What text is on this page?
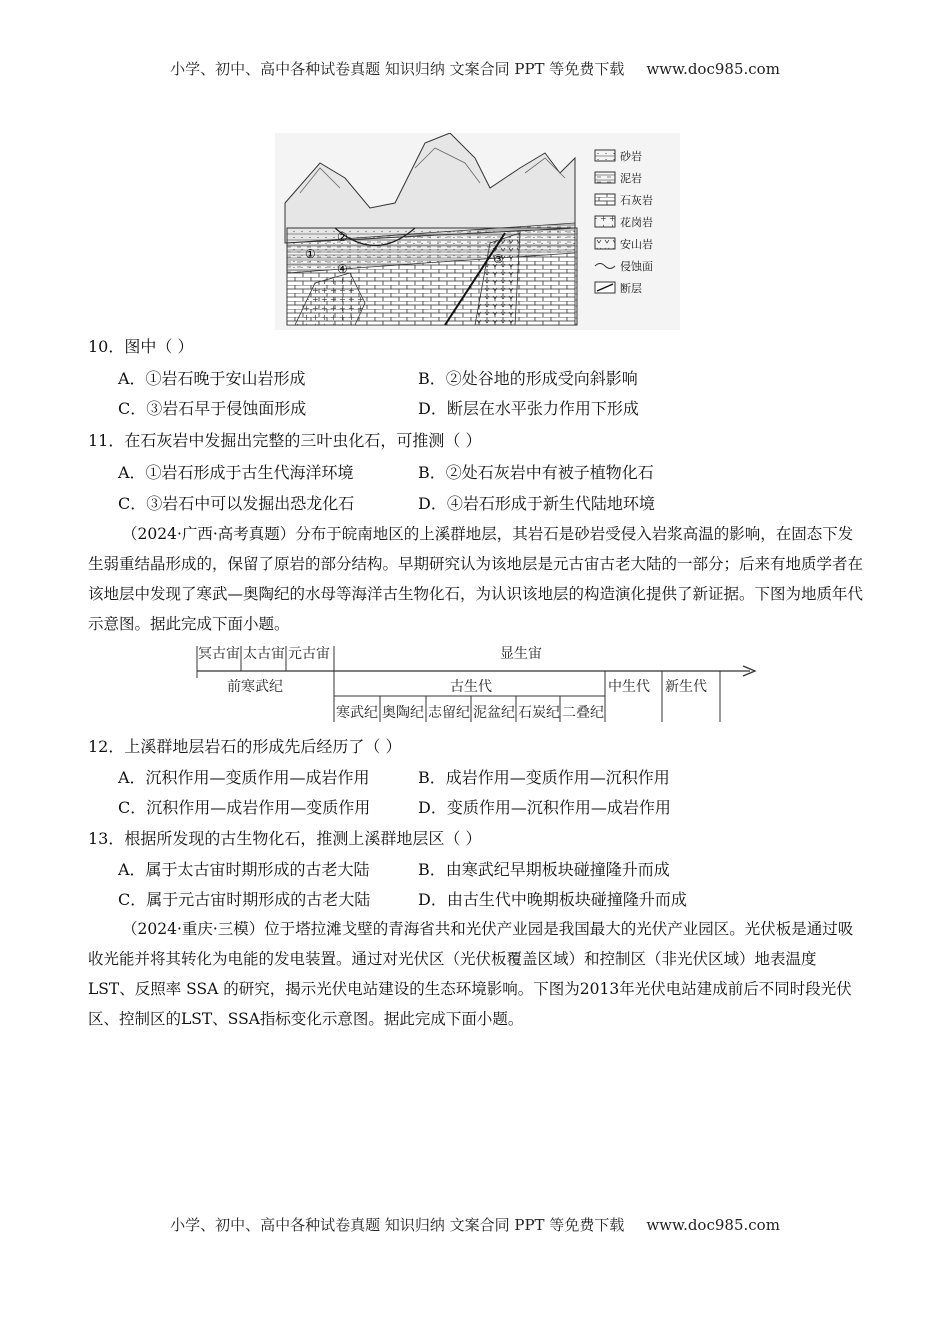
小学、初中、高中各种试卷真题 知识归纳 文案合同 PPT 等免费下载 www.doc985.com
①
②
③
④
砂岩
泥岩
石灰岩
花岗岩
安山岩
侵蚀面
断层
10．图中（ ）
A．①岩石晚于安山岩形成	B．②处谷地的形成受向斜影响
C．③岩石早于侵蚀面形成	D．断层在水平张力作用下形成
11．在石灰岩中发掘出完整的三叶虫化石，可推测（ ）
A．①岩石形成于古生代海洋环境	B．②处石灰岩中有被子植物化石
C．③岩石中可以发掘出恐龙化石	D．④岩石形成于新生代陆地环境
（2024·广西·高考真题）分布于皖南地区的上溪群地层，其岩石是砂岩受侵入岩浆高温的影响，在固态下发生弱重结晶形成的，保留了原岩的部分结构。早期研究认为该地层是元古宙古老大陆的一部分；后来有地质学者在该地层中发现了寒武—奥陶纪的水母等海洋古生物化石，为认识该地层的构造演化提供了新证据。下图为地质年代示意图。据此完成下面小题。
冥古宙 太古宙 元古宙	显生宙
前寒武纪	古生代	中生代 新生代
寒武纪 奥陶纪 志留纪 泥盆纪 石炭纪 二叠纪
12．上溪群地层岩石的形成先后经历了（ ）
A．沉积作用—变质作用—成岩作用	B．成岩作用—变质作用—沉积作用
C．沉积作用—成岩作用—变质作用	D．变质作用—沉积作用—成岩作用
13．根据所发现的古生物化石，推测上溪群地层区（ ）
A．属于太古宙时期形成的古老大陆	B．由寒武纪早期板块碰撞隆升而成
C．属于元古宙时期形成的古老大陆	D．由古生代中晚期板块碰撞隆升而成
（2024·重庆·三模）位于塔拉滩戈壁的青海省共和光伏产业园是我国最大的光伏产业园区。光伏板是通过吸收光能并将其转化为电能的发电装置。通过对光伏区（光伏板覆盖区域）和控制区（非光伏区域）地表温度 LST、反照率 SSA 的研究，揭示光伏电站建设的生态环境影响。下图为2013年光伏电站建成前后不同时段光伏区、控制区的LST、SSA指标变化示意图。据此完成下面小题。
小学、初中、高中各种试卷真题 知识归纳 文案合同 PPT 等免费下载 www.doc985.com
